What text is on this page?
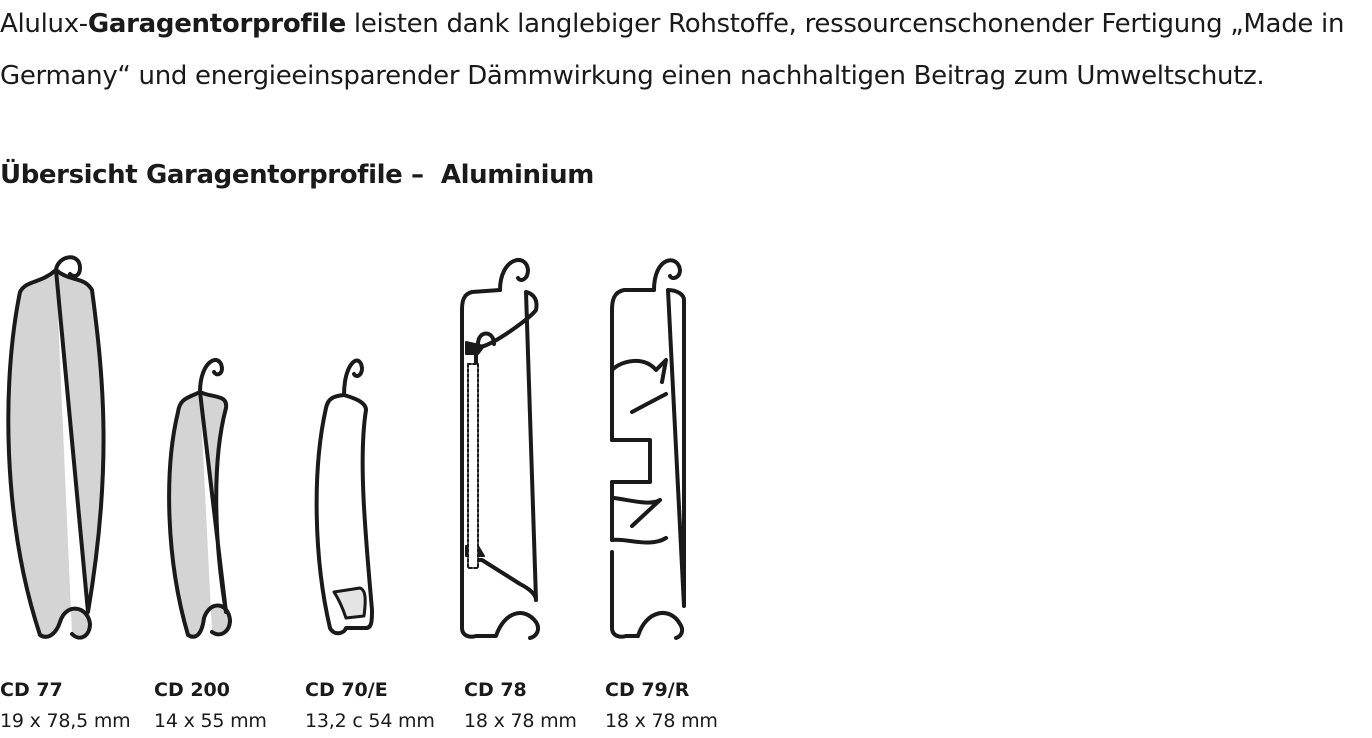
Alulux-Garagentorprofile leisten dank langlebiger Rohstoffe, ressourcenschonender Fertigung „Made in
Germany“ und energieeinsparender Dämmwirkung einen nachhaltigen Beitrag zum Umweltschutz.
Übersicht Garagentorprofile –  Aluminium
CD 77
19 x 78,5 mm
CD 200
14 x 55 mm
CD 70/E
13,2 c 54 mm
CD 78
18 x 78 mm
CD 79/R
18 x 78 mm
